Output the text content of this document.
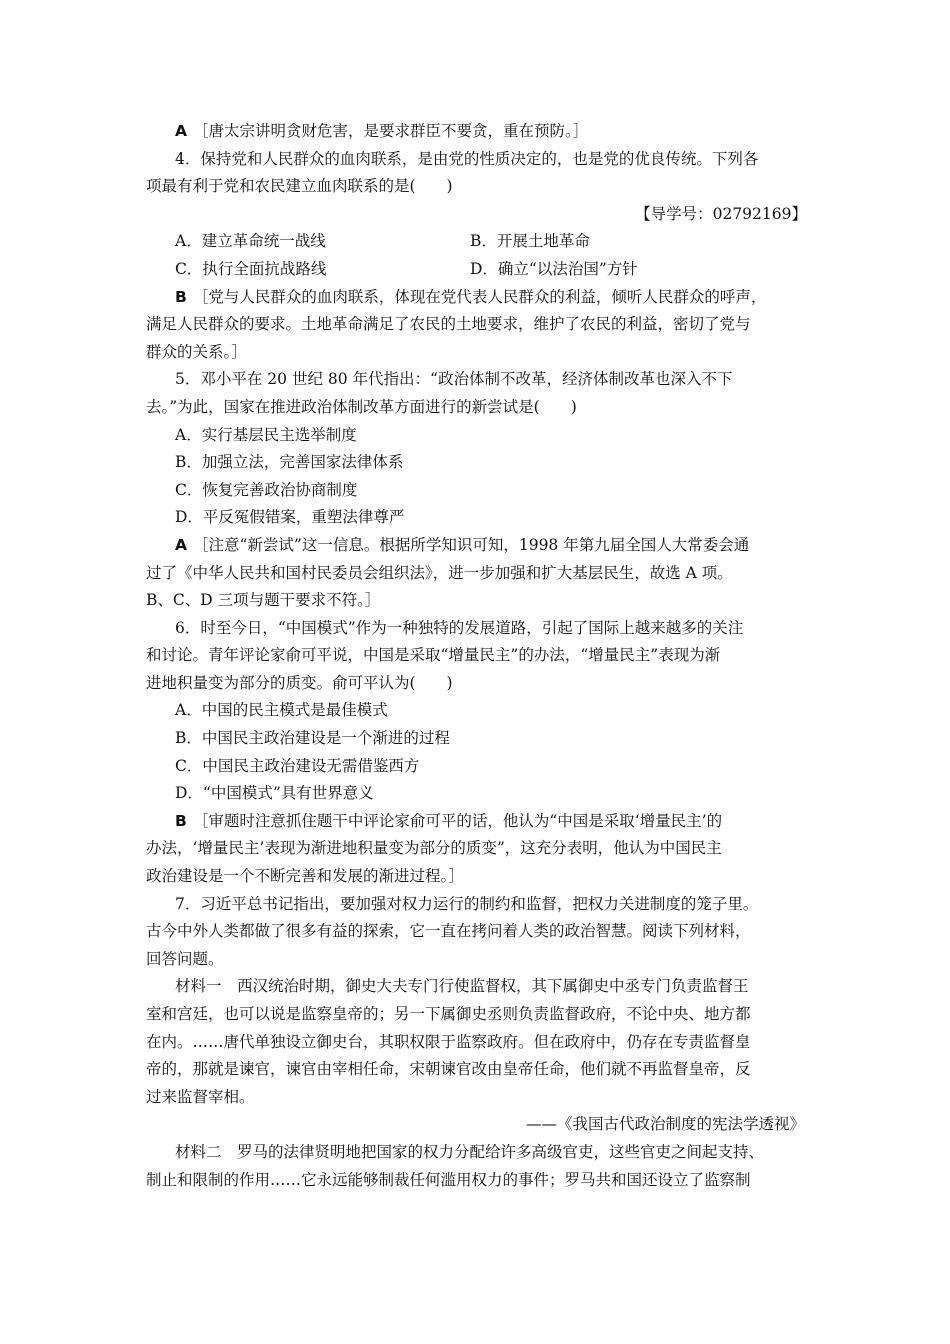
A ［唐太宗讲明贪财危害，是要求群臣不要贪，重在预防。］
4．保持党和人民群众的血肉联系，是由党的性质决定的，也是党的优良传统。下列各
项最有利于党和农民建立血肉联系的是(　　)
【导学号：02792169】
A．建立革命统一战线	B．开展土地革命
C．执行全面抗战路线	D．确立“以法治国”方针
B ［党与人民群众的血肉联系，体现在党代表人民群众的利益，倾听人民群众的呼声，
满足人民群众的要求。土地革命满足了农民的土地要求，维护了农民的利益，密切了党与
群众的关系。］
5．邓小平在 20 世纪 80 年代指出：“政治体制不改革，经济体制改革也深入不下
去。”为此，国家在推进政治体制改革方面进行的新尝试是(　　)
A．实行基层民主选举制度
B．加强立法，完善国家法律体系
C．恢复完善政治协商制度
D．平反冤假错案，重塑法律尊严
A ［注意“新尝试”这一信息。根据所学知识可知，1998 年第九届全国人大常委会通
过了《中华人民共和国村民委员会组织法》，进一步加强和扩大基层民生，故选 A 项。
B、C、D 三项与题干要求不符。］
6．时至今日，“中国模式”作为一种独特的发展道路，引起了国际上越来越多的关注
和讨论。青年评论家俞可平说，中国是采取“增量民主”的办法，“增量民主”表现为渐
进地积量变为部分的质变。俞可平认为(　　)
A．中国的民主模式是最佳模式
B．中国民主政治建设是一个渐进的过程
C．中国民主政治建设无需借鉴西方
D．“中国模式”具有世界意义
B ［审题时注意抓住题干中评论家俞可平的话，他认为“中国是采取‘增量民主’的
办法，‘增量民主’表现为渐进地积量变为部分的质变”，这充分表明，他认为中国民主
政治建设是一个不断完善和发展的渐进过程。］
7．习近平总书记指出，要加强对权力运行的制约和监督，把权力关进制度的笼子里。
古今中外人类都做了很多有益的探索，它一直在拷问着人类的政治智慧。阅读下列材料，
回答问题。
材料一　西汉统治时期，御史大夫专门行使监督权，其下属御史中丞专门负责监督王
室和宫廷，也可以说是监察皇帝的；另一下属御史丞则负责监督政府，不论中央、地方都
在内。……唐代单独设立御史台，其职权限于监察政府。但在政府中，仍存在专责监督皇
帝的，那就是谏官，谏官由宰相任命，宋朝谏官改由皇帝任命，他们就不再监督皇帝，反
过来监督宰相。
——《我国古代政治制度的宪法学透视》
材料二　罗马的法律贤明地把国家的权力分配给许多高级官吏，这些官吏之间起支持、
制止和限制的作用……它永远能够制裁任何滥用权力的事件；罗马共和国还设立了监察制
